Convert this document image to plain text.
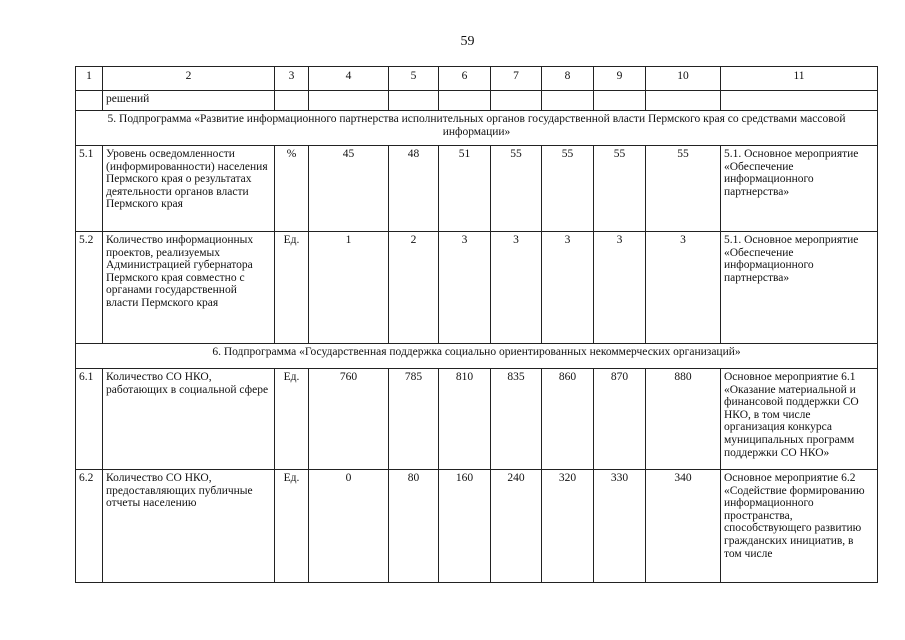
59
1	2	3	4	5	6	7	8	9	10	11
	решений									
5. Подпрограмма «Развитие информационного партнерства исполнительных органов государственной власти Пермского края со средствами массовой информации»										
5.1	Уровень осведомленности (информированности) населения Пермского края о результатах деятельности органов власти Пермского края	%	45	48	51	55	55	55	55	5.1. Основное мероприятие «Обеспечение информационного партнерства»
5.2	Количество информационных проектов, реализуемых Администрацией губернатора Пермского края совместно с органами государственной власти Пермского края	Ед.	1	2	3	3	3	3	3	5.1. Основное мероприятие «Обеспечение информационного партнерства»
6. Подпрограмма «Государственная поддержка социально ориентированных некоммерческих организаций»										
6.1	Количество СО НКО, работающих в социальной сфере	Ед.	760	785	810	835	860	870	880	Основное мероприятие 6.1 «Оказание материальной и финансовой поддержки СО НКО, в том числе организация конкурса муниципальных программ поддержки СО НКО»
6.2	Количество СО НКО, предоставляющих публичные отчеты населению	Ед.	0	80	160	240	320	330	340	Основное мероприятие 6.2 «Содействие формированию информационного пространства, способствующего развитию гражданских инициатив, в том числе
